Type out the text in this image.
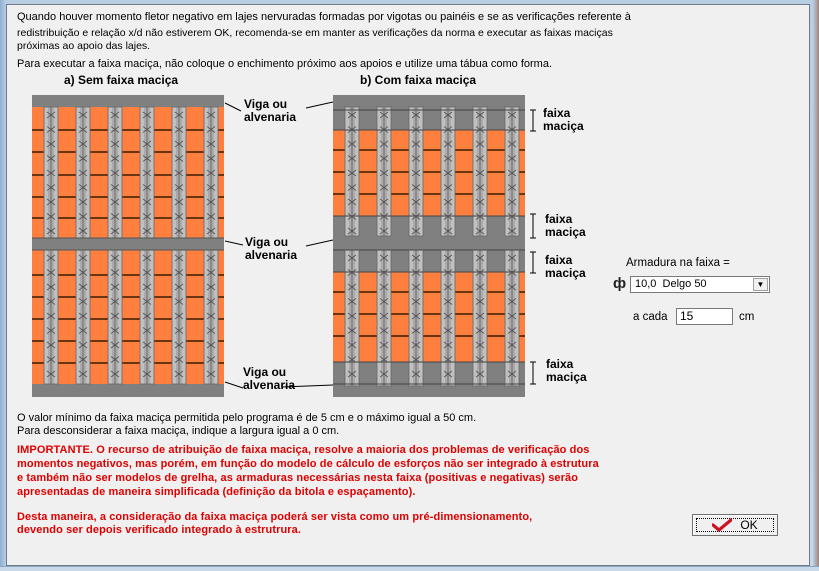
Quando houver momento fletor negativo em lajes nervuradas formadas por vigotas ou painéis e se as verificações referente à
redistribuição e relação x/d não estiverem OK, recomenda-se em manter as verificações da norma e executar as faixas maciças
próximas ao apoio das lajes.
Para executar a faixa maciça, não coloque o enchimento próximo aos apoios e utilize uma tábua como forma.
a) Sem faixa maciça	b) Com faixa maciça
Viga ou
alvenaria
Viga ou
alvenaria
Viga ou
alvenaria
faixa
maciça
faixa
maciça
faixa
maciça
faixa
maciça
Armadura na faixa =
ф 10,0  Delgo 50	▼
a cada	15	cm
O valor mínimo da faixa maciça permitida pelo programa é de 5 cm e o máximo igual a 50 cm.
Para desconsiderar a faixa maciça, indique a largura igual a 0 cm.
IMPORTANTE. O recurso de atribuição de faixa maciça, resolve a maioria dos problemas de verificação dos
momentos negativos, mas porém, em função do modelo de cálculo de esforços não ser integrado à estrutura
e também não ser modelos de grelha, as armaduras necessárias nesta faixa (positivas e negativas) serão
apresentadas de maneira simplificada (definição da bitola e espaçamento).
Desta maneira, a consideração da faixa maciça poderá ser vista como um pré-dimensionamento,
devendo ser depois verificado integrado à estrutrura.	OK
